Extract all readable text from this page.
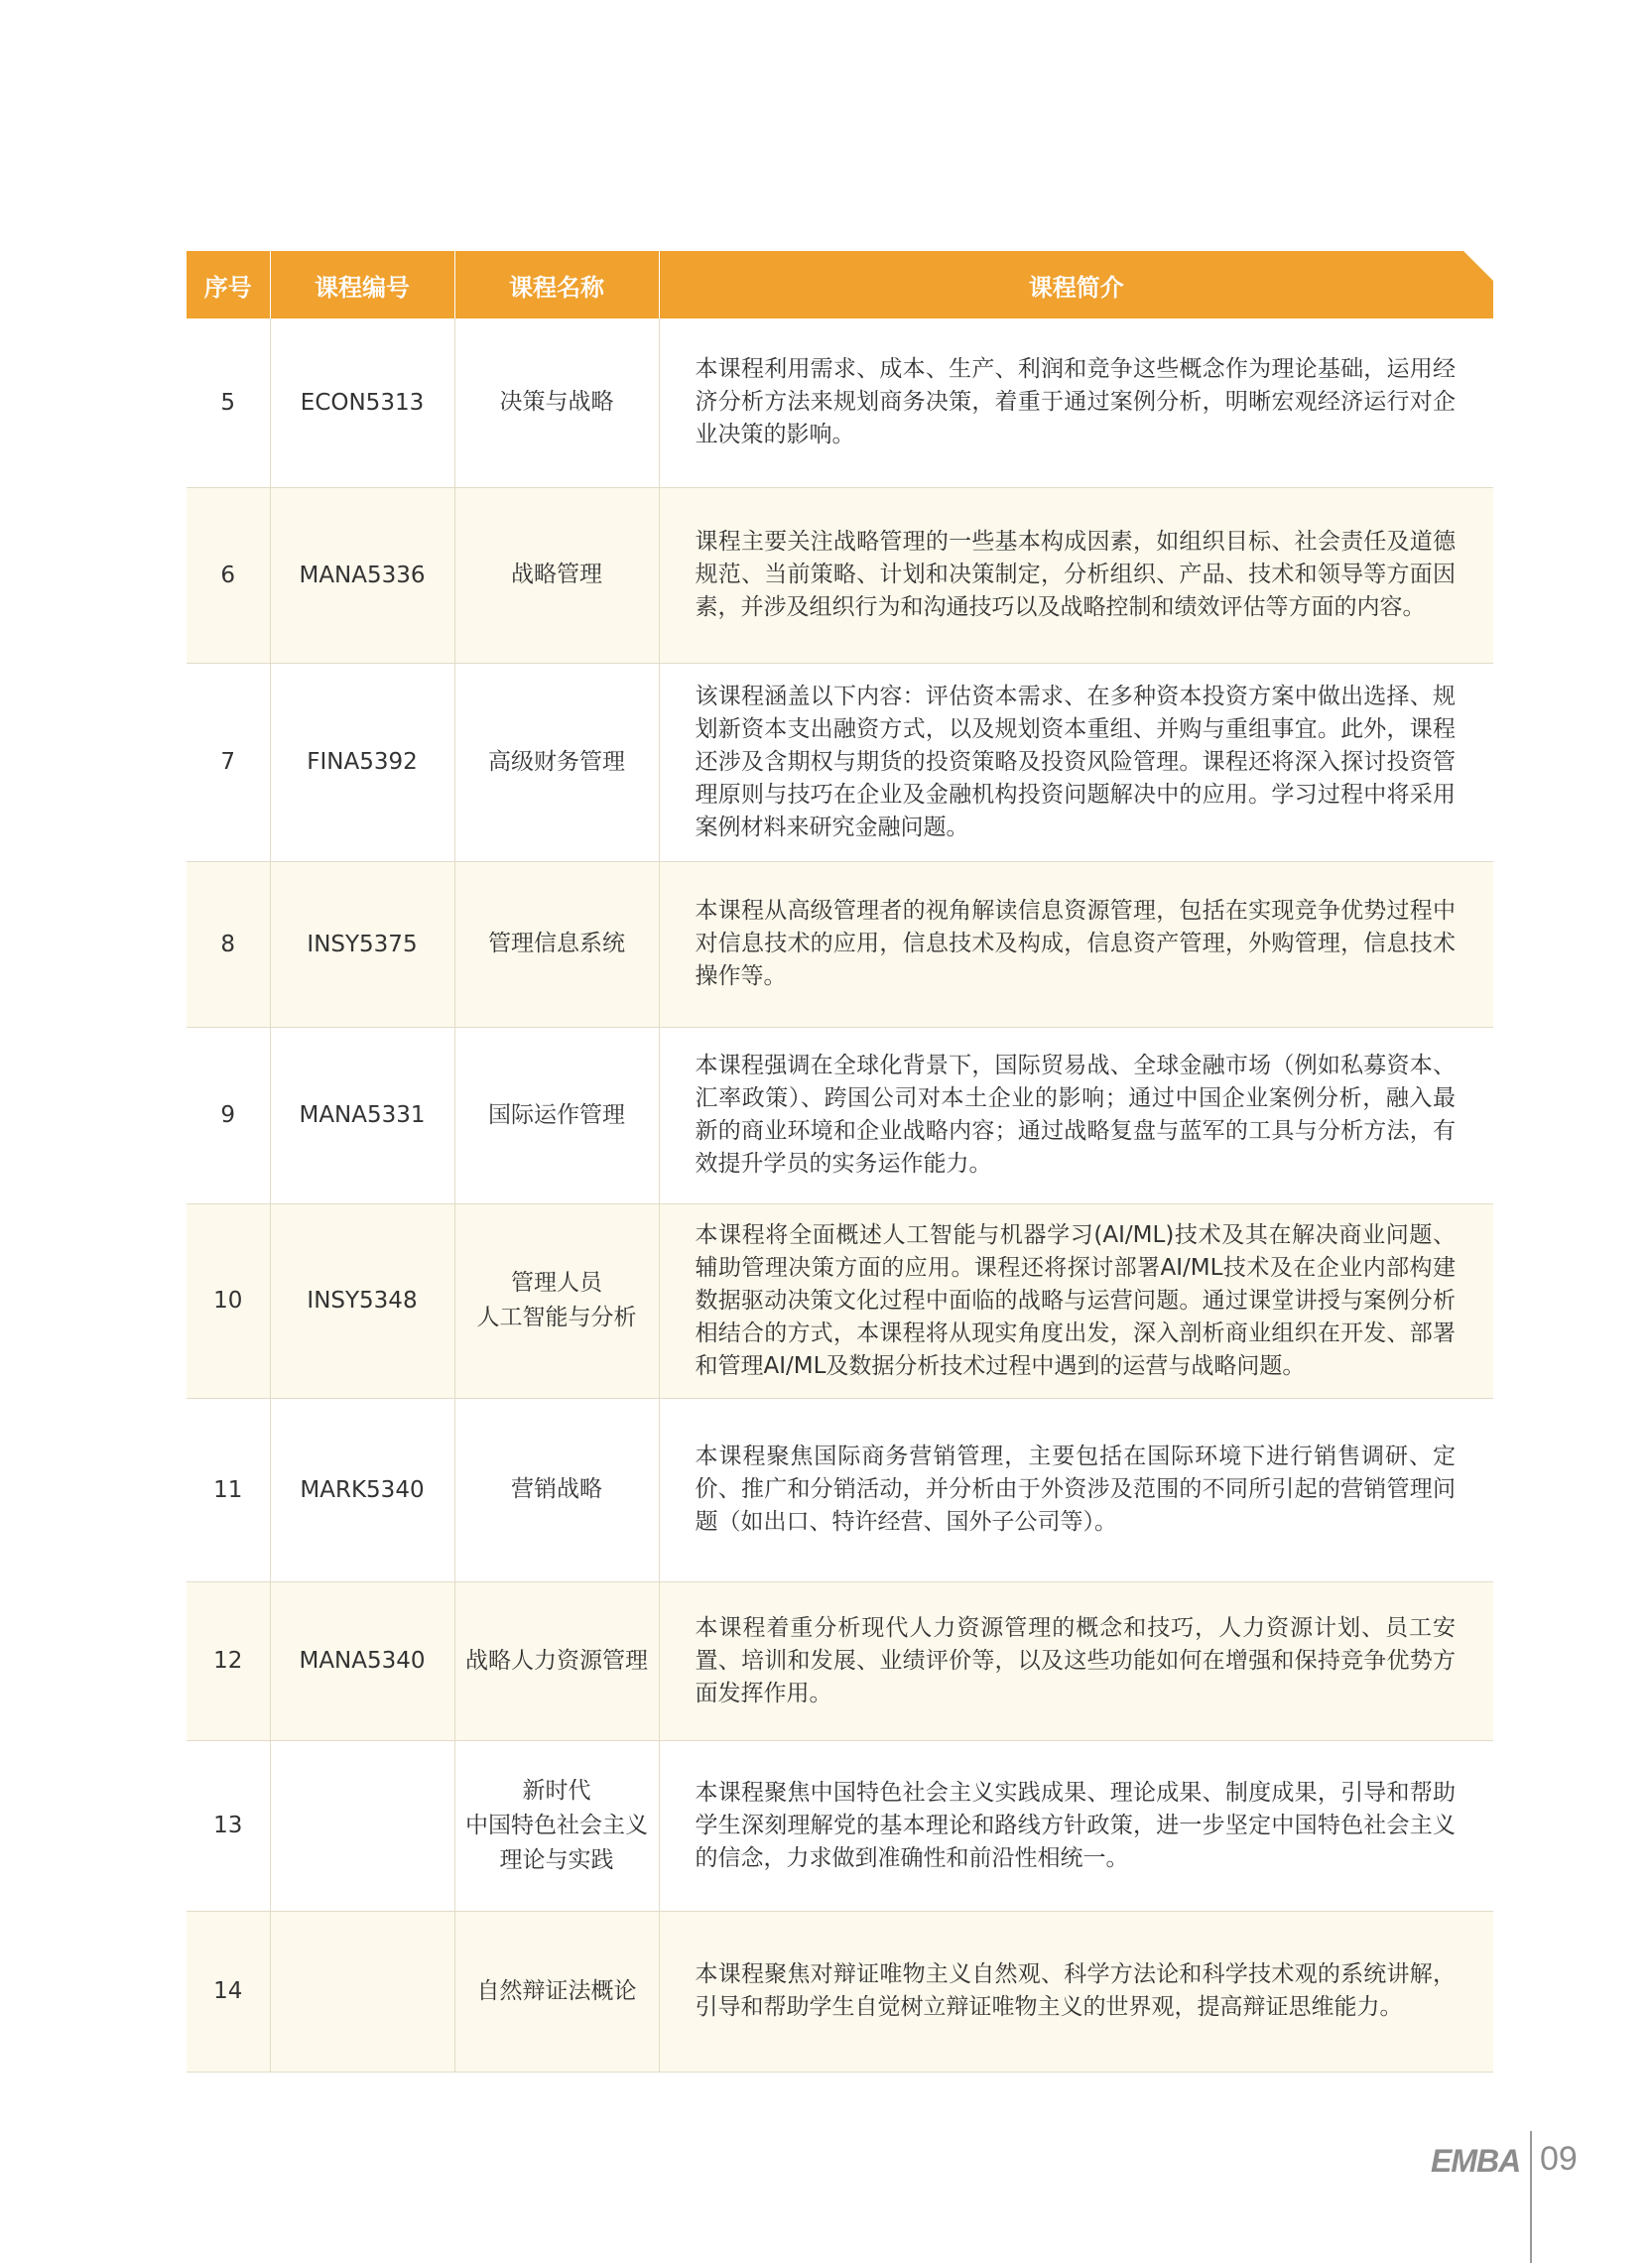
序号	课程编号	课程名称	课程简介
5	ECON5313	决策与战略	本课程利用需求、成本、生产、利润和竞争这些概念作为理论基础，运用经济分析方法来规划商务决策，着重于通过案例分析，明晰宏观经济运行对企业决策的影响。
6	MANA5336	战略管理	课程主要关注战略管理的一些基本构成因素，如组织目标、社会责任及道德规范、当前策略、计划和决策制定，分析组织、产品、技术和领导等方面因素，并涉及组织行为和沟通技巧以及战略控制和绩效评估等方面的内容。
7	FINA5392	高级财务管理	该课程涵盖以下内容：评估资本需求、在多种资本投资方案中做出选择、规划新资本支出融资方式，以及规划资本重组、并购与重组事宜。此外，课程还涉及含期权与期货的投资策略及投资风险管理。课程还将深入探讨投资管理原则与技巧在企业及金融机构投资问题解决中的应用。学习过程中将采用案例材料来研究金融问题。
8	INSY5375	管理信息系统	本课程从高级管理者的视角解读信息资源管理，包括在实现竞争优势过程中对信息技术的应用，信息技术及构成，信息资产管理，外购管理，信息技术操作等。
9	MANA5331	国际运作管理	本课程强调在全球化背景下，国际贸易战、全球金融市场（例如私募资本、汇率政策）、跨国公司对本土企业的影响；通过中国企业案例分析，融入最新的商业环境和企业战略内容；通过战略复盘与蓝军的工具与分析方法，有效提升学员的实务运作能力。
10	INSY5348	管理人员
人工智能与分析	本课程将全面概述人工智能与机器学习(AI/ML)技术及其在解决商业问题、辅助管理决策方面的应用。课程还将探讨部署AI/ML技术及在企业内部构建数据驱动决策文化过程中面临的战略与运营问题。通过课堂讲授与案例分析相结合的方式，本课程将从现实角度出发，深入剖析商业组织在开发、部署和管理AI/ML及数据分析技术过程中遇到的运营与战略问题。
11	MARK5340	营销战略	本课程聚焦国际商务营销管理，主要包括在国际环境下进行销售调研、定价、推广和分销活动，并分析由于外资涉及范围的不同所引起的营销管理问题（如出口、特许经营、国外子公司等）。
12	MANA5340	战略人力资源管理	本课程着重分析现代人力资源管理的概念和技巧，人力资源计划、员工安置、培训和发展、业绩评价等，以及这些功能如何在增强和保持竞争优势方面发挥作用。
13		新时代
中国特色社会主义
理论与实践	本课程聚焦中国特色社会主义实践成果、理论成果、制度成果，引导和帮助学生深刻理解党的基本理论和路线方针政策，进一步坚定中国特色社会主义的信念，力求做到准确性和前沿性相统一。
14		自然辩证法概论	本课程聚焦对辩证唯物主义自然观、科学方法论和科学技术观的系统讲解，引导和帮助学生自觉树立辩证唯物主义的世界观，提高辩证思维能力。
EMBA 09
